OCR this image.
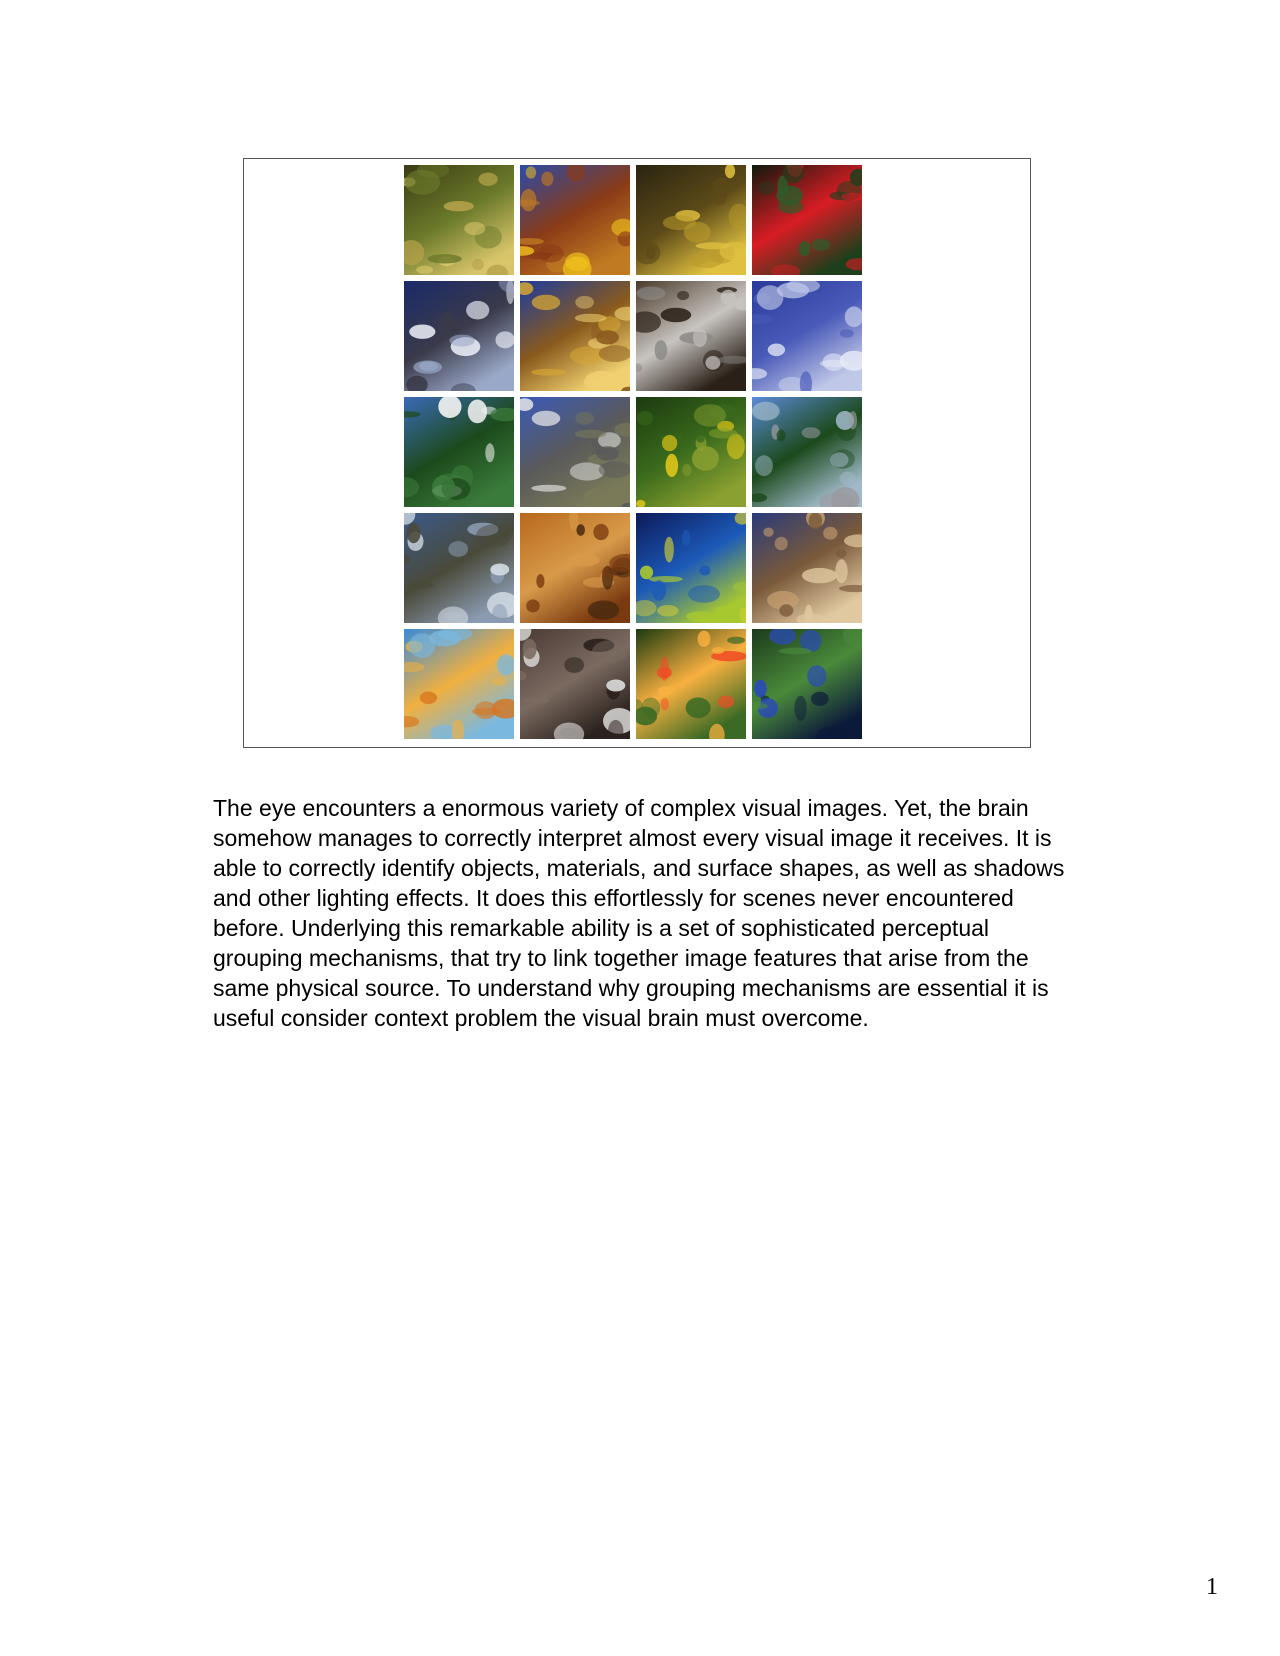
The eye encounters a enormous variety of complex visual images. Yet, the brain somehow manages to correctly interpret almost every visual image it receives. It is able to correctly identify objects, materials, and surface shapes, as well as shadows and other lighting effects. It does this effortlessly for scenes never encountered before. Underlying this remarkable ability is a set of sophisticated perceptual grouping mechanisms, that try to link together image features that arise from the same physical source. To understand why grouping mechanisms are essential it is useful consider context problem the visual brain must overcome.

1
